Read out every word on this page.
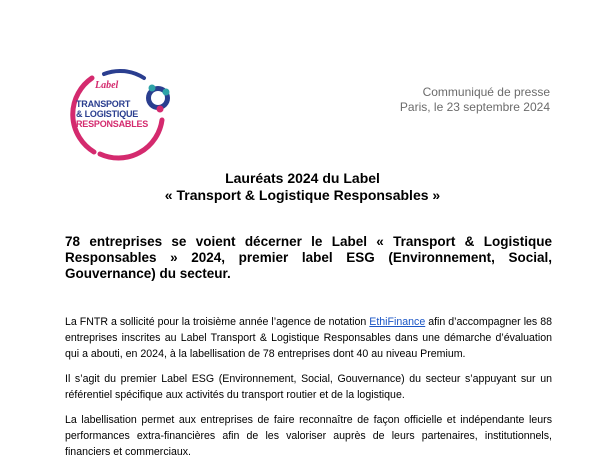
Label
TRANSPORT
& LOGISTIQUE
RESPONSABLES
Communiqué de presse
Paris, le 23 septembre 2024
Lauréats 2024 du Label
« Transport & Logistique Responsables »
78 entreprises se voient décerner le Label « Transport & Logistique Responsables » 2024, premier label ESG (Environnement, Social, Gouvernance) du secteur.

La FNTR a sollicité pour la troisième année l’agence de notation EthiFinance afin d’accompagner les 88 entreprises inscrites au Label Transport & Logistique Responsables dans une démarche d’évaluation qui a abouti, en 2024, à la labellisation de 78 entreprises dont 40 au niveau Premium.

Il s’agit du premier Label ESG (Environnement, Social, Gouvernance) du secteur s’appuyant sur un référentiel spécifique aux activités du transport routier et de la logistique.

La labellisation permet aux entreprises de faire reconnaître de façon officielle et indépendante leurs performances extra-financières afin de les valoriser auprès de leurs partenaires, institutionnels, financiers et commerciaux.
